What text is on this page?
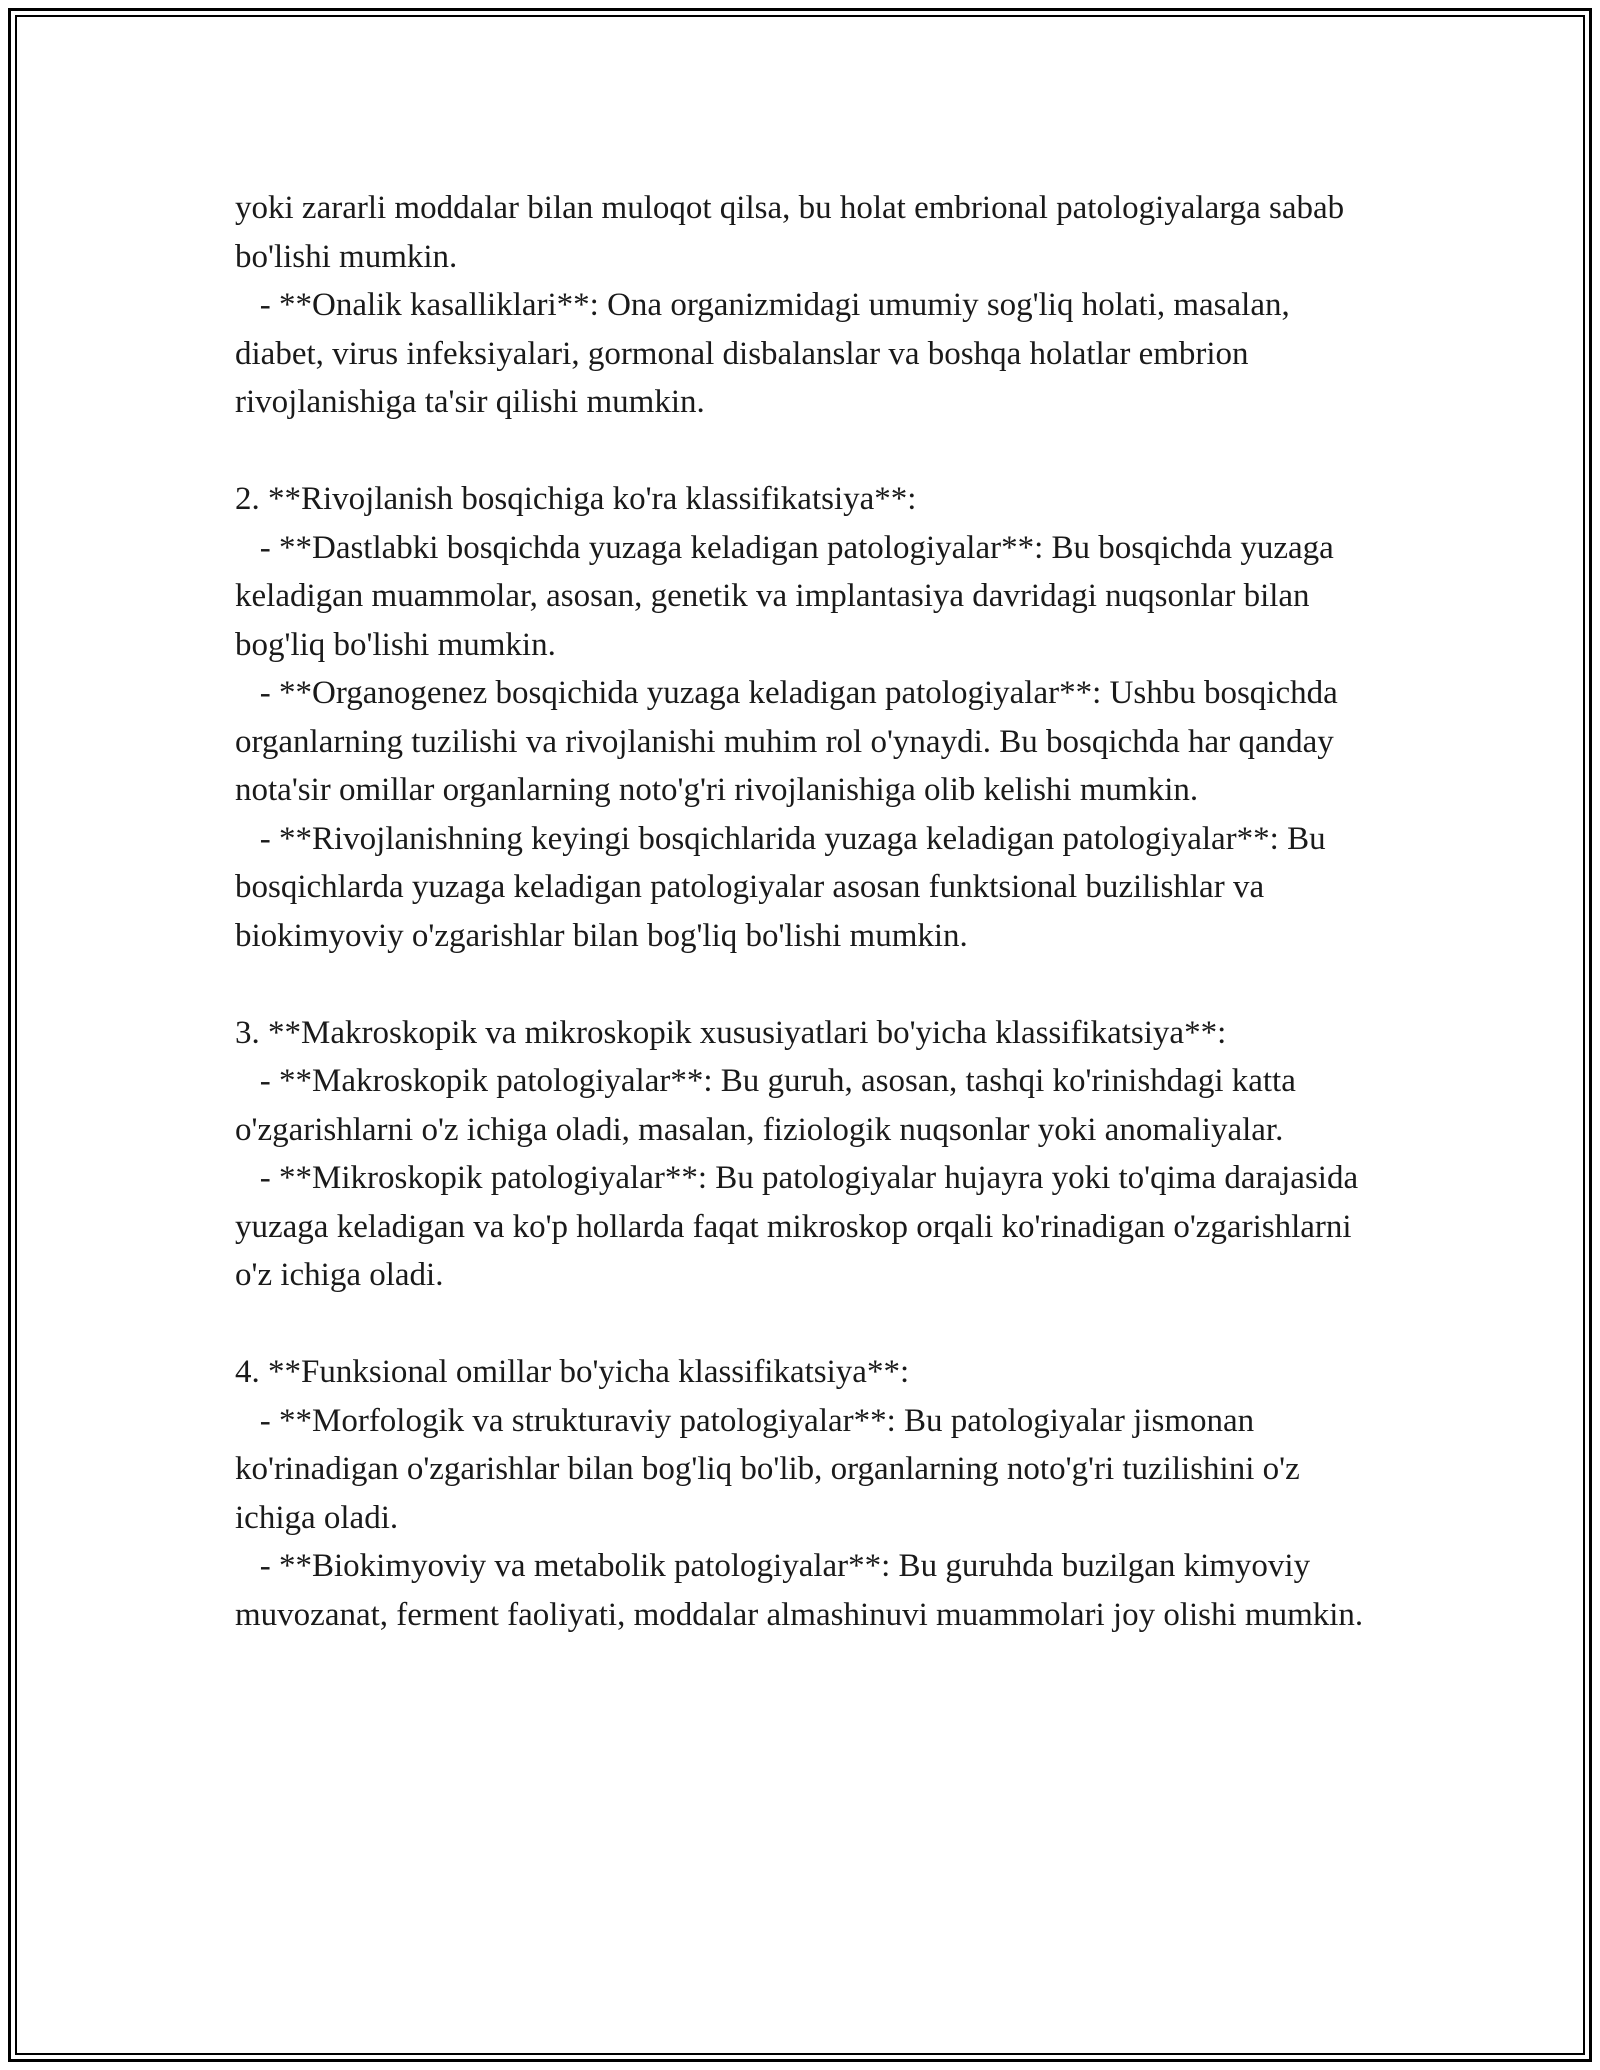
yoki zararli moddalar bilan muloqot qilsa, bu holat embrional patologiyalarga sabab bo'lishi mumkin.

- **Onalik kasalliklari**: Ona organizmidagi umumiy sog'liq holati, masalan, diabet, virus infeksiyalari, gormonal disbalanslar va boshqa holatlar embrion rivojlanishiga ta'sir qilishi mumkin.

2. **Rivojlanish bosqichiga ko'ra klassifikatsiya**:

- **Dastlabki bosqichda yuzaga keladigan patologiyalar**: Bu bosqichda yuzaga keladigan muammolar, asosan, genetik va implantasiya davridagi nuqsonlar bilan bog'liq bo'lishi mumkin.

- **Organogenez bosqichida yuzaga keladigan patologiyalar**: Ushbu bosqichda organlarning tuzilishi va rivojlanishi muhim rol o'ynaydi. Bu bosqichda har qanday nota'sir omillar organlarning noto'g'ri rivojlanishiga olib kelishi mumkin.

- **Rivojlanishning keyingi bosqichlarida yuzaga keladigan patologiyalar**: Bu bosqichlarda yuzaga keladigan patologiyalar asosan funktsional buzilishlar va biokimyoviy o'zgarishlar bilan bog'liq bo'lishi mumkin.

3. **Makroskopik va mikroskopik xususiyatlari bo'yicha klassifikatsiya**:

- **Makroskopik patologiyalar**: Bu guruh, asosan, tashqi ko'rinishdagi katta o'zgarishlarni o'z ichiga oladi, masalan, fiziologik nuqsonlar yoki anomaliyalar.

- **Mikroskopik patologiyalar**: Bu patologiyalar hujayra yoki to'qima darajasida yuzaga keladigan va ko'p hollarda faqat mikroskop orqali ko'rinadigan o'zgarishlarni o'z ichiga oladi.

4. **Funksional omillar bo'yicha klassifikatsiya**:

- **Morfologik va strukturaviy patologiyalar**: Bu patologiyalar jismonan ko'rinadigan o'zgarishlar bilan bog'liq bo'lib, organlarning noto'g'ri tuzilishini o'z ichiga oladi.

- **Biokimyoviy va metabolik patologiyalar**: Bu guruhda buzilgan kimyoviy muvozanat, ferment faoliyati, moddalar almashinuvi muammolari joy olishi mumkin.
